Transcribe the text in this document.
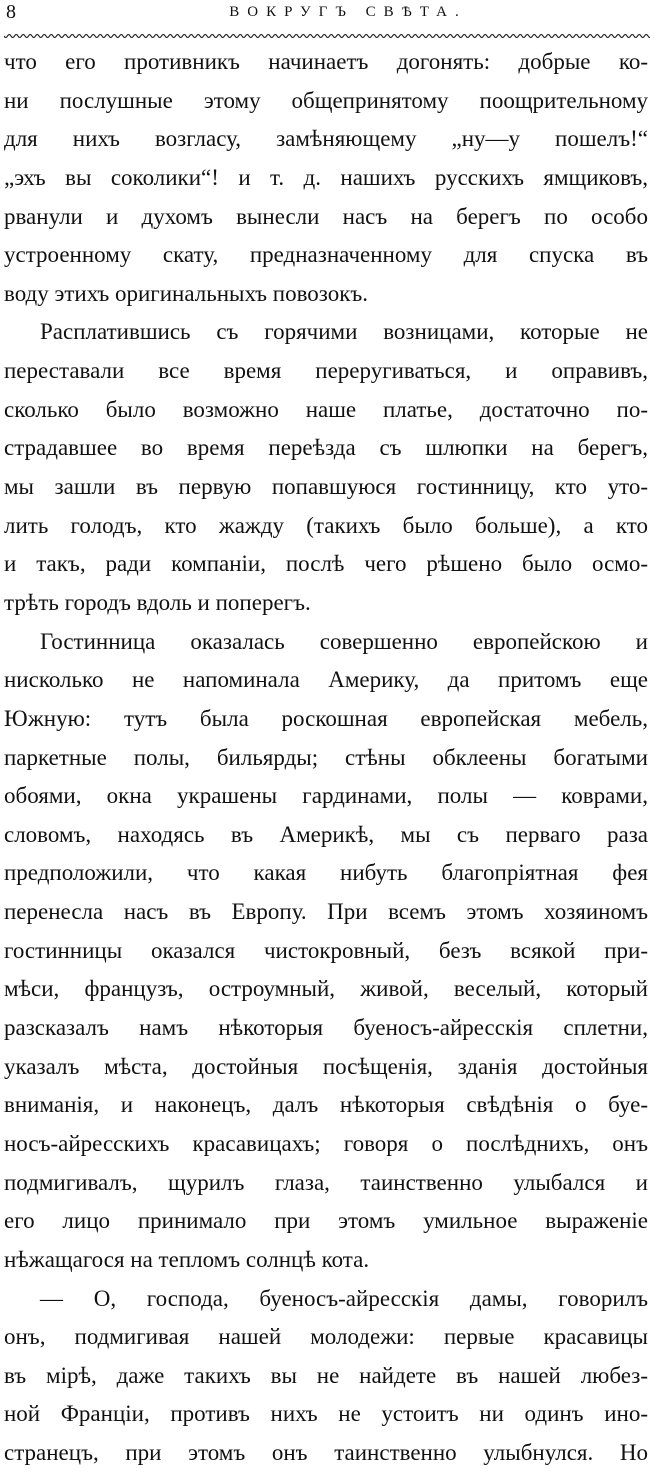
8	ВОКРУГЪ СВѢТА.
что его противникъ начинаетъ догонять: добрые ко-
ни послушные этому общепринятому поощрительному
для нихъ возгласу, замѣняющему „ну—у пошелъ!“
„эхъ вы соколики“! и т. д. нашихъ русскихъ ямщиковъ,
рванули и духомъ вынесли насъ на берегъ по особо
устроенному скату, предназначенному для спуска въ
воду этихъ оригинальныхъ повозокъ.
Расплатившись съ горячими возницами, которые не
переставали все время переругиваться, и оправивъ,
сколько было возможно наше платье, достаточно по-
страдавшее во время переѣзда съ шлюпки на берегъ,
мы зашли въ первую попавшуюся гостинницу, кто уто-
лить голодъ, кто жажду (такихъ было больше), а кто
и такъ, ради компаніи, послѣ чего рѣшено было осмо-
трѣть городъ вдоль и поперегъ.
Гостинница оказалась совершенно европейскою и
нисколько не напоминала Америку, да притомъ еще
Южную: тутъ была роскошная европейская мебель,
паркетные полы, бильярды; стѣны обклеены богатыми
обоями, окна украшены гардинами, полы — коврами,
словомъ, находясь въ Америкѣ, мы съ перваго раза
предположили, что какая нибуть благопріятная фея
перенесла насъ въ Европу. При всемъ этомъ хозяиномъ
гостинницы оказался чистокровный, безъ всякой при-
мѣси, французъ, остроумный, живой, веселый, который
разсказалъ намъ нѣкоторыя буеносъ-айресскія сплетни,
указалъ мѣста, достойныя посѣщенія, зданія достойныя
вниманія, и наконецъ, далъ нѣкоторыя свѣдѣнія о буе-
носъ-айресскихъ красавицахъ; говоря о послѣднихъ, онъ
подмигивалъ, щурилъ глаза, таинственно улыбался и
его лицо принимало при этомъ умильное выраженіе
нѣжащагося на тепломъ солнцѣ кота.
— О, господа, буеносъ-айресскія дамы, говорилъ
онъ, подмигивая нашей молодежи: первые красавицы
въ мірѣ, даже такихъ вы не найдете въ нашей любез-
ной Франціи, противъ нихъ не устоитъ ни одинъ ино-
странецъ, при этомъ онъ таинственно улыбнулся. Но
